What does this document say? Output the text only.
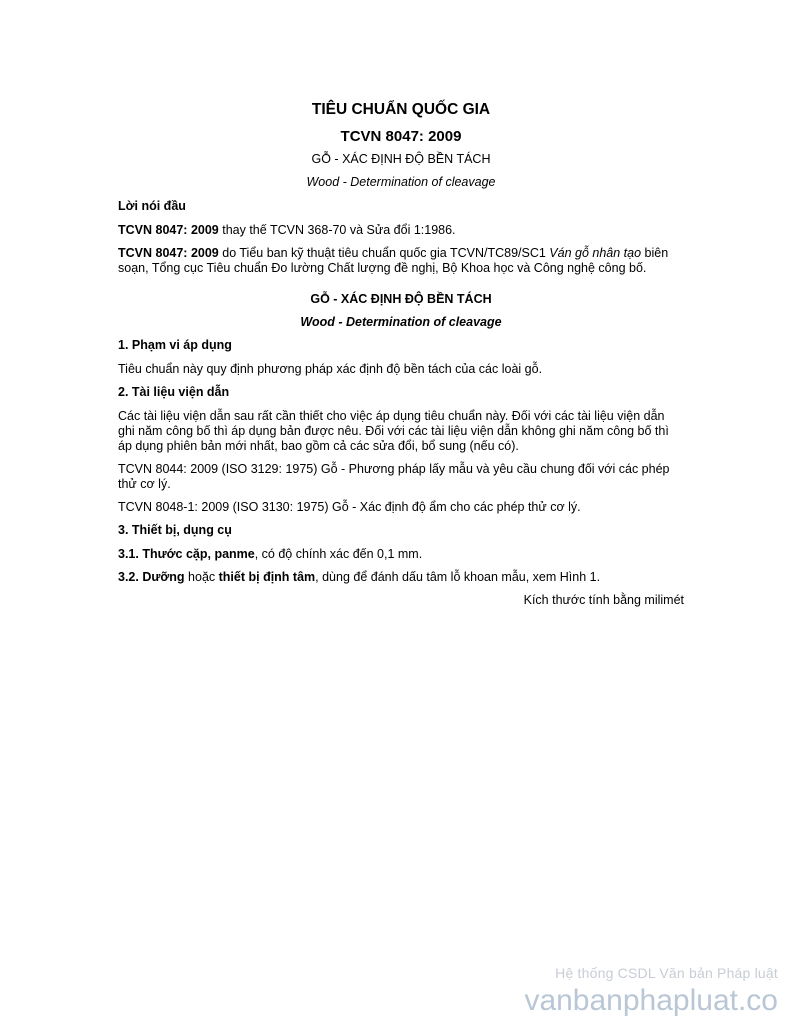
TIÊU CHUẨN QUỐC GIA
TCVN 8047: 2009
GỖ - XÁC ĐỊNH ĐỘ BỀN TÁCH
Wood - Determination of cleavage
Lời nói đầu

TCVN 8047: 2009 thay thế TCVN 368-70 và Sửa đổi 1:1986.

TCVN 8047: 2009 do Tiểu ban kỹ thuật tiêu chuẩn quốc gia TCVN/TC89/SC1 Ván gỗ nhân tạo biên soạn, Tổng cục Tiêu chuẩn Đo lường Chất lượng đề nghị, Bộ Khoa học và Công nghệ công bố.

GỖ - XÁC ĐỊNH ĐỘ BỀN TÁCH
Wood - Determination of cleavage
1. Phạm vi áp dụng

Tiêu chuẩn này quy định phương pháp xác định độ bền tách của các loài gỗ.

2. Tài liệu viện dẫn

Các tài liệu viện dẫn sau rất cần thiết cho việc áp dụng tiêu chuẩn này. Đối với các tài liệu viện dẫn ghi năm công bố thì áp dụng bản được nêu. Đối với các tài liệu viện dẫn không ghi năm công bố thì áp dụng phiên bản mới nhất, bao gồm cả các sửa đổi, bổ sung (nếu có).

TCVN 8044: 2009 (ISO 3129: 1975) Gỗ - Phương pháp lấy mẫu và yêu cầu chung đối với các phép thử cơ lý.

TCVN 8048-1: 2009 (ISO 3130: 1975) Gỗ - Xác định độ ẩm cho các phép thử cơ lý.

3. Thiết bị, dụng cụ

3.1. Thước cặp, panme, có độ chính xác đến 0,1 mm.

3.2. Dưỡng hoặc thiết bị định tâm, dùng để đánh dấu tâm lỗ khoan mẫu, xem Hình 1.

Kích thước tính bằng milimét
Hệ thống CSDL Văn bản Pháp luật
vanbanphapluat.co
